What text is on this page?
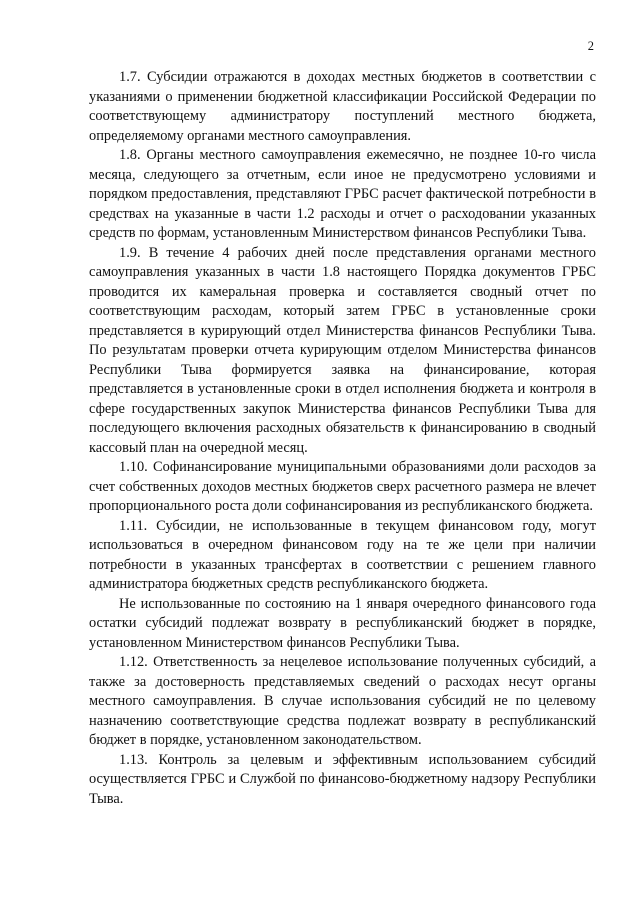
2

1.7. Субсидии отражаются в доходах местных бюджетов в соответствии с указаниями о применении бюджетной классификации Российской Федерации по соответствующему администратору поступлений местного бюджета, определяемому органами местного самоуправления.

1.8. Органы местного самоуправления ежемесячно, не позднее 10-го числа месяца, следующего за отчетным, если иное не предусмотрено условиями и порядком предоставления, представляют ГРБС расчет фактической потребности в средствах на указанные в части 1.2 расходы и отчет о расходовании указанных средств по формам, установленным Министерством финансов Республики Тыва.

1.9. В течение 4 рабочих дней после представления органами местного самоуправления указанных в части 1.8 настоящего Порядка документов ГРБС проводится их камеральная проверка и составляется сводный отчет по соответствующим расходам, который затем ГРБС в установленные сроки представляется в курирующий отдел Министерства финансов Республики Тыва. По результатам проверки отчета курирующим отделом Министерства финансов Республики Тыва формируется заявка на финансирование, которая представляется в установленные сроки в отдел исполнения бюджета и контроля в сфере государственных закупок Министерства финансов Республики Тыва для последующего включения расходных обязательств к финансированию в сводный кассовый план на очередной месяц.

1.10. Софинансирование муниципальными образованиями доли расходов за счет собственных доходов местных бюджетов сверх расчетного размера не влечет пропорционального роста доли софинансирования из республиканского бюджета.

1.11. Субсидии, не использованные в текущем финансовом году, могут использоваться в очередном финансовом году на те же цели при наличии потребности в указанных трансфертах в соответствии с решением главного администратора бюджетных средств республиканского бюджета.

Не использованные по состоянию на 1 января очередного финансового года остатки субсидий подлежат возврату в республиканский бюджет в порядке, установленном Министерством финансов Республики Тыва.

1.12. Ответственность за нецелевое использование полученных субсидий, а также за достоверность представляемых сведений о расходах несут органы местного самоуправления. В случае использования субсидий не по целевому назначению соответствующие средства подлежат возврату в республиканский бюджет в порядке, установленном законодательством.

1.13. Контроль за целевым и эффективным использованием субсидий осуществляется ГРБС и Службой по финансово-бюджетному надзору Республики Тыва.
